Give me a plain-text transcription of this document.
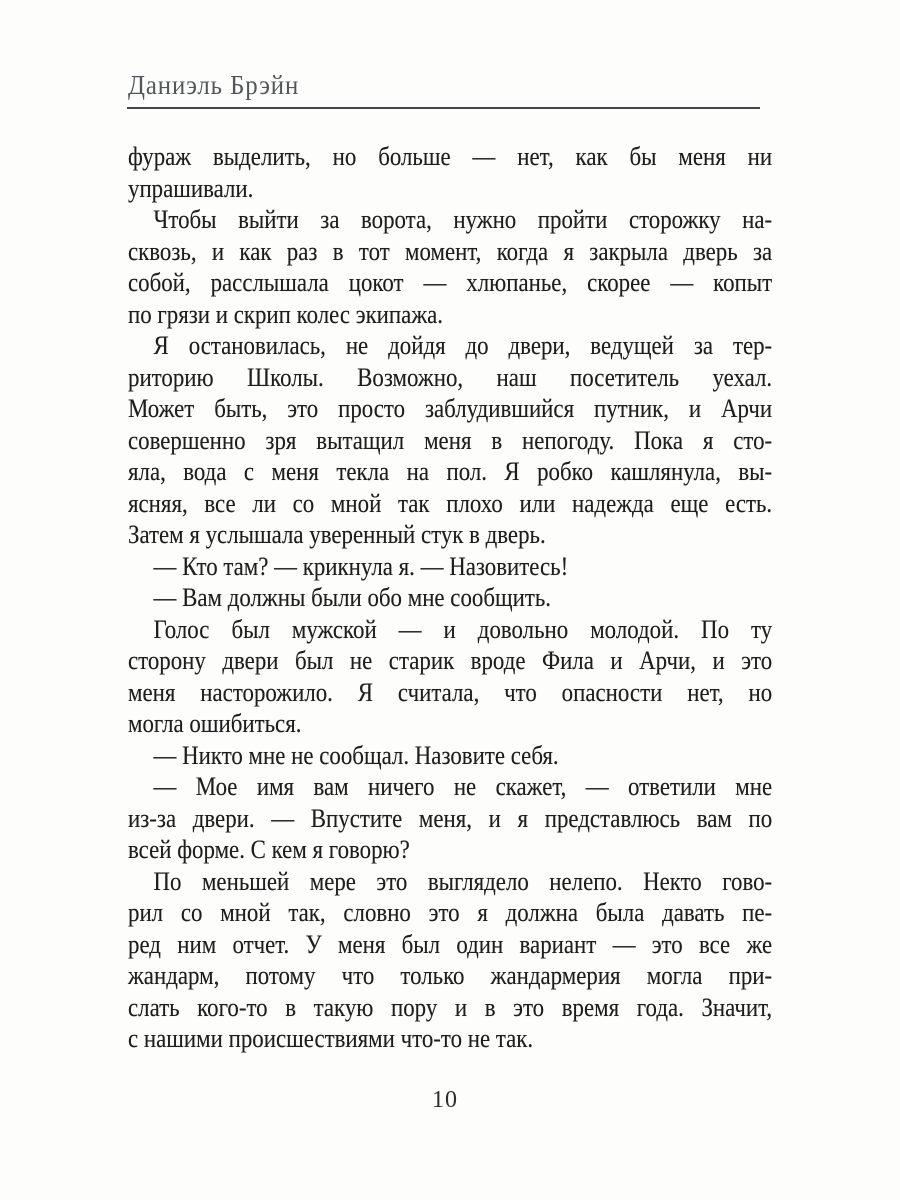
Даниэль Брэйн
фураж выделить, но больше — нет, как бы меня ни
упрашивали.
Чтобы выйти за ворота, нужно пройти сторожку на-
сквозь, и как раз в тот момент, когда я закрыла дверь за
собой, расслышала цокот — хлюпанье, скорее — копыт
по грязи и скрип колес экипажа.
Я остановилась, не дойдя до двери, ведущей за тер-
риторию Школы. Возможно, наш посетитель уехал.
Может быть, это просто заблудившийся путник, и Арчи
совершенно зря вытащил меня в непогоду. Пока я сто-
яла, вода с меня текла на пол. Я робко кашлянула, вы-
ясняя, все ли со мной так плохо или надежда еще есть.
Затем я услышала уверенный стук в дверь.
— Кто там? — крикнула я. — Назовитесь!
— Вам должны были обо мне сообщить.
Голос был мужской — и довольно молодой. По ту
сторону двери был не старик вроде Фила и Арчи, и это
меня насторожило. Я считала, что опасности нет, но
могла ошибиться.
— Никто мне не сообщал. Назовите себя.
— Мое имя вам ничего не скажет, — ответили мне
из-за двери. — Впустите меня, и я представлюсь вам по
всей форме. С кем я говорю?
По меньшей мере это выглядело нелепо. Некто гово-
рил со мной так, словно это я должна была давать пе-
ред ним отчет. У меня был один вариант — это все же
жандарм, потому что только жандармерия могла при-
слать кого-то в такую пору и в это время года. Значит,
с нашими происшествиями что-то не так.
10
